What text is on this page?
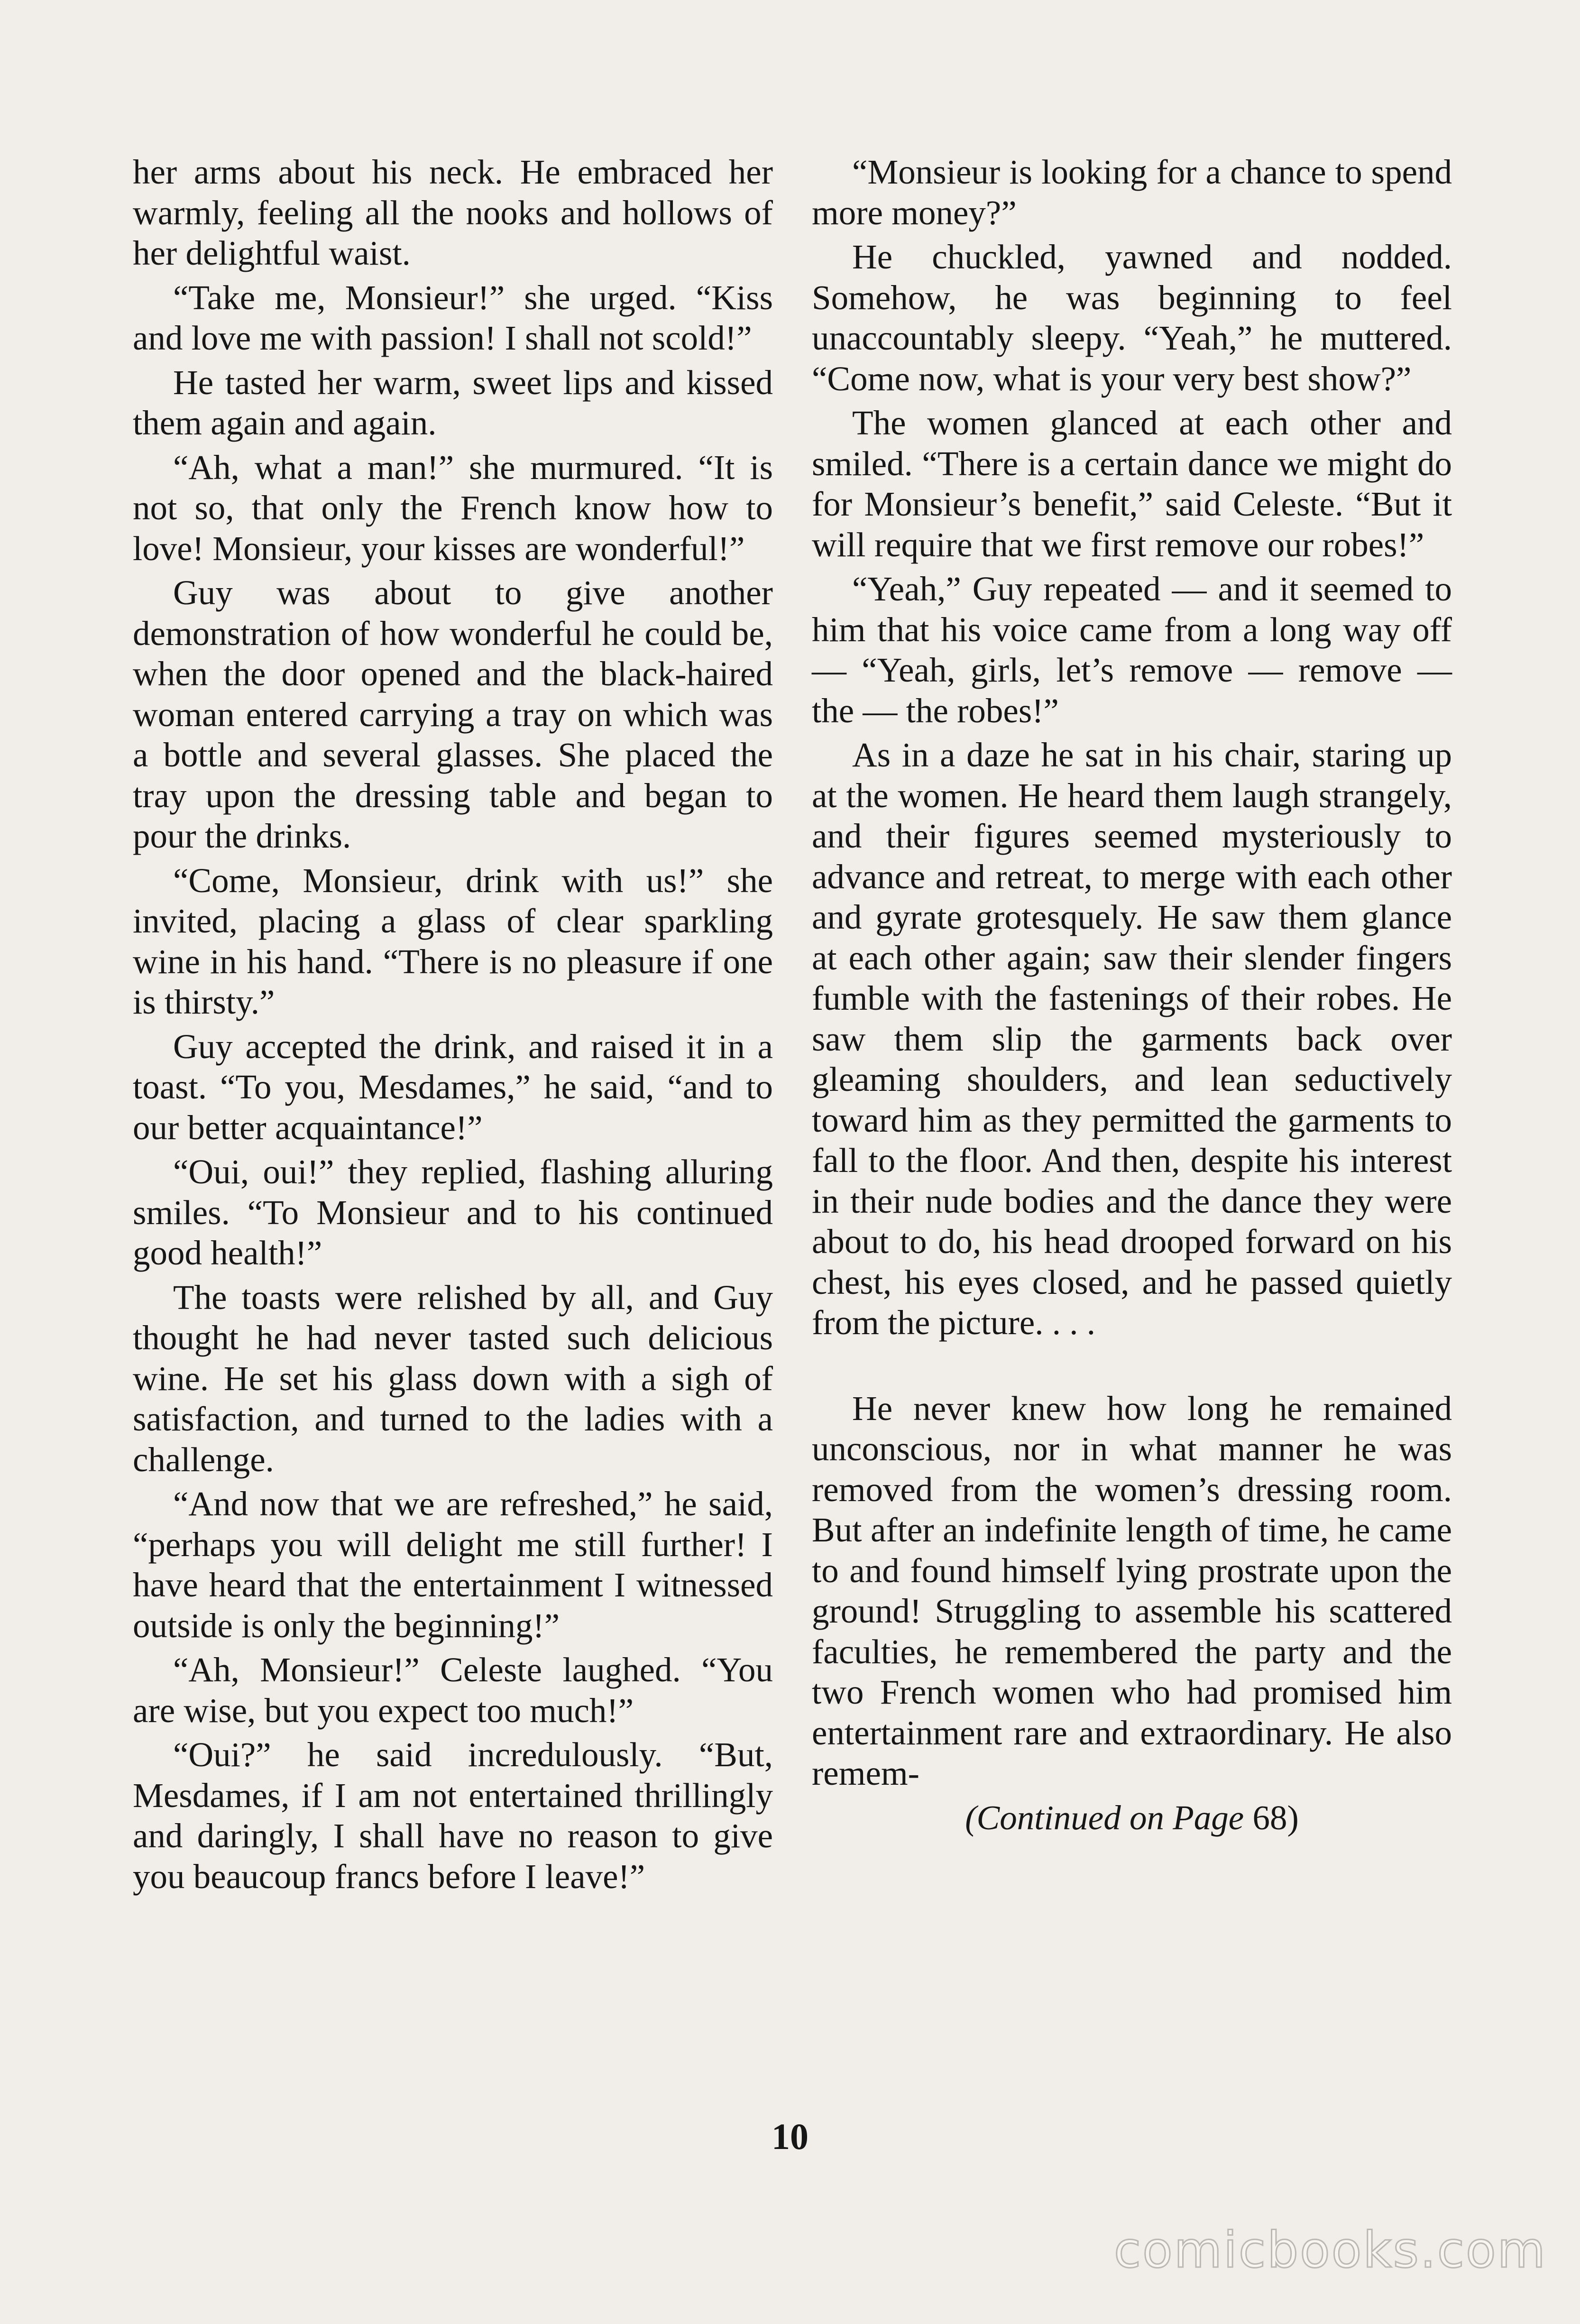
her arms about his neck. He embraced her warmly, feeling all the nooks and hollows of her delightful waist.

“Take me, Monsieur!” she urged. “Kiss and love me with passion! I shall not scold!”

He tasted her warm, sweet lips and kissed them again and again.

“Ah, what a man!” she murmured. “It is not so, that only the French know how to love! Monsieur, your kisses are wonderful!”

Guy was about to give another demonstration of how wonderful he could be, when the door opened and the black-haired woman entered carrying a tray on which was a bottle and several glasses. She placed the tray upon the dressing table and began to pour the drinks.

“Come, Monsieur, drink with us!” she invited, placing a glass of clear sparkling wine in his hand. “There is no pleasure if one is thirsty.”

Guy accepted the drink, and raised it in a toast. “To you, Mesdames,” he said, “and to our better acquaintance!”

“Oui, oui!” they replied, flashing alluring smiles. “To Monsieur and to his continued good health!”

The toasts were relished by all, and Guy thought he had never tasted such delicious wine. He set his glass down with a sigh of satisfaction, and turned to the ladies with a challenge.

“And now that we are refreshed,” he said, “perhaps you will delight me still further! I have heard that the entertainment I witnessed outside is only the beginning!”

“Ah, Monsieur!” Celeste laughed. “You are wise, but you expect too much!”

“Oui?” he said incredulously. “But, Mesdames, if I am not entertained thrillingly and daringly, I shall have no reason to give you beaucoup francs before I leave!”

“Monsieur is looking for a chance to spend more money?”

He chuckled, yawned and nodded. Somehow, he was beginning to feel unaccountably sleepy. “Yeah,” he muttered. “Come now, what is your very best show?”

The women glanced at each other and smiled. “There is a certain dance we might do for Monsieur’s benefit,” said Celeste. “But it will require that we first remove our robes!”

“Yeah,” Guy repeated — and it seemed to him that his voice came from a long way off — “Yeah, girls, let’s remove — remove — the — the robes!”

As in a daze he sat in his chair, staring up at the women. He heard them laugh strangely, and their figures seemed mysteriously to advance and retreat, to merge with each other and gyrate grotesquely. He saw them glance at each other again; saw their slender fingers fumble with the fastenings of their robes. He saw them slip the garments back over gleaming shoulders, and lean seductively toward him as they permitted the garments to fall to the floor. And then, despite his interest in their nude bodies and the dance they were about to do, his head drooped forward on his chest, his eyes closed, and he passed quietly from the picture. . . .

He never knew how long he remained unconscious, nor in what manner he was removed from the women’s dressing room. But after an indefinite length of time, he came to and found himself lying prostrate upon the ground! Struggling to assemble his scattered faculties, he remembered the party and the two French women who had promised him entertainment rare and extraordinary. He also remem-

(Continued on Page 68)

10
comicbooks.com
